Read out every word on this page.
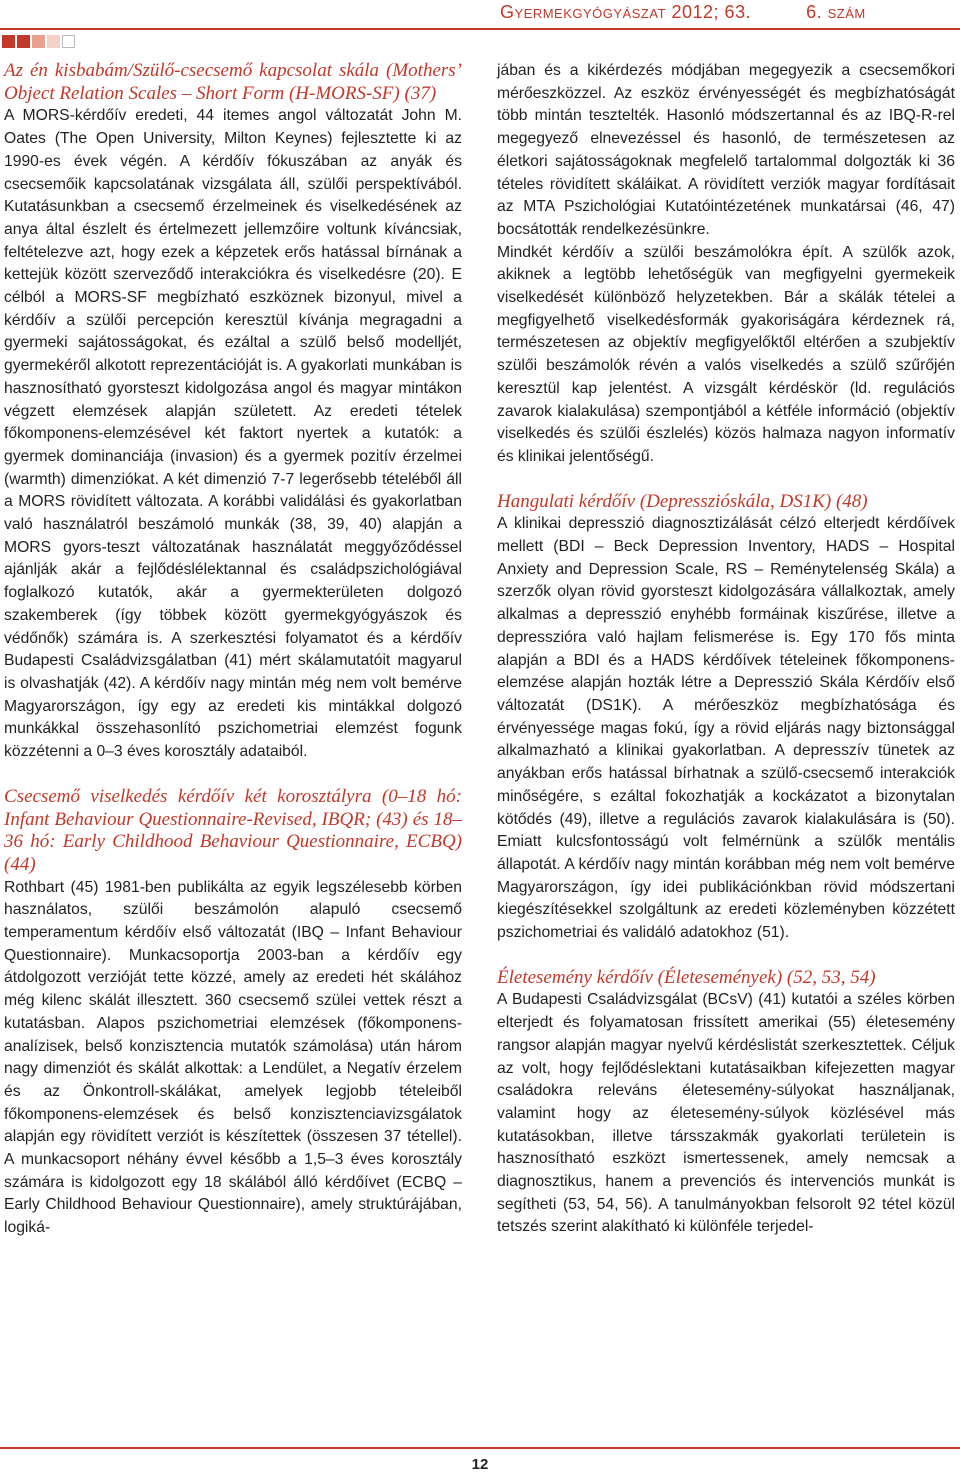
Gyermekgyógyászat 2012; 63.	6. szám

Az én kisbabám/Szülő-csecsemő kapcsolat skála (Mothers’ Object Relation Scales – Short Form (H-MORS-SF) (37)

A MORS-kérdőív eredeti, 44 itemes angol változatát John M. Oates (The Open University, Milton Keynes) fejlesztette ki az 1990-es évek végén. A kérdőív fókuszában az anyák és csecsemőik kapcsolatának vizsgálata áll, szülői perspektívából. Kutatásunkban a csecsemő érzelmeinek és viselkedésének az anya által észlelt és értelmezett jellemzőire voltunk kíváncsiak, feltételezve azt, hogy ezek a képzetek erős hatással bírnának a kettejük között szerveződő interakciókra és viselkedésre (20). E célból a MORS-SF megbízható eszköznek bizonyul, mivel a kérdőív a szülői percepción keresztül kívánja megragadni a gyermeki sajátosságokat, és ezáltal a szülő belső modelljét, gyermekéről alkotott reprezentációját is. A gyakorlati munkában is hasznosítható gyorsteszt kidolgozása angol és magyar mintákon végzett elemzések alapján született. Az eredeti tételek főkomponens-elemzésével két faktort nyertek a kutatók: a gyermek dominanciája (invasion) és a gyermek pozitív érzelmei (warmth) dimenziókat. A két dimenzió 7-7 legerősebb tételéből áll a MORS rövidített változata. A korábbi validálási és gyakorlatban való használatról beszámoló munkák (38, 39, 40) alapján a MORS gyors-teszt változatának használatát meggyőződéssel ajánlják akár a fejlődéslélektannal és családpszichológiával foglalkozó kutatók, akár a gyermekterületen dolgozó szakemberek (így többek között gyermekgyógyászok és védőnők) számára is. A szerkesztési folyamatot és a kérdőív Budapesti Családvizsgálatban (41) mért skálamutatóit magyarul is olvashatják (42). A kérdőív nagy mintán még nem volt bemérve Magyarországon, így egy az eredeti kis mintákkal dolgozó munkákkal összehasonlító pszichometriai elemzést fogunk közzétenni a 0–3 éves korosztály adataiból.

Csecsemő viselkedés kérdőív két korosztályra (0–18 hó: Infant Behaviour Questionnaire-Revised, IBQR; (43) és 18–36 hó: Early Childhood Behaviour Questionnaire, ECBQ) (44)

Rothbart (45) 1981-ben publikálta az egyik legszélesebb körben használatos, szülői beszámolón alapuló csecsemő temperamentum kérdőív első változatát (IBQ – Infant Behaviour Questionnaire). Munkacsoportja 2003-ban a kérdőív egy átdolgozott verzióját tette közzé, amely az eredeti hét skálához még kilenc skálát illesztett. 360 csecsemő szülei vettek részt a kutatásban. Alapos pszichometriai elemzések (főkomponens-analízisek, belső konzisztencia mutatók számolása) után három nagy dimenziót és skálát alkottak: a Lendület, a Negatív érzelem és az Önkontroll-skálákat, amelyek legjobb tételeiből főkomponens-elemzések és belső konzisztenciavizsgálatok alapján egy rövidített verziót is készítettek (összesen 37 tétellel). A munkacsoport néhány évvel később a 1,5–3 éves korosztály számára is kidolgozott egy 18 skálából álló kérdőívet (ECBQ – Early Childhood Behaviour Questionnaire), amely struktúrájában, logiká-

jában és a kikérdezés módjában megegyezik a csecsemőkori mérőeszközzel. Az eszköz érvényességét és megbízhatóságát több mintán tesztelték. Hasonló módszertannal és az IBQ-R-rel megegyező elnevezéssel és hasonló, de természetesen az életkori sajátosságoknak megfelelő tartalommal dolgozták ki 36 tételes rövidített skáláikat. A rövidített verziók magyar fordításait az MTA Pszichológiai Kutatóintézetének munkatársai (46, 47) bocsátották rendelkezésünkre.

Mindkét kérdőív a szülői beszámolókra épít. A szülők azok, akiknek a legtöbb lehetőségük van megfigyelni gyermekeik viselkedését különböző helyzetekben. Bár a skálák tételei a megfigyelhető viselkedésformák gyakoriságára kérdeznek rá, természetesen az objektív megfigyelőktől eltérően a szubjektív szülői beszámolók révén a valós viselkedés a szülő szűrőjén keresztül kap jelentést. A vizsgált kérdéskör (ld. regulációs zavarok kialakulása) szempontjából a kétféle információ (objektív viselkedés és szülői észlelés) közös halmaza nagyon informatív és klinikai jelentőségű.

Hangulati kérdőív (Depresszióskála, DS1K) (48)

A klinikai depresszió diagnosztizálását célzó elterjedt kérdőívek mellett (BDI – Beck Depression Inventory, HADS – Hospital Anxiety and Depression Scale, RS – Reménytelenség Skála) a szerzők olyan rövid gyorsteszt kidolgozására vállalkoztak, amely alkalmas a depresszió enyhébb formáinak kiszűrése, illetve a depresszióra való hajlam felismerése is. Egy 170 fős minta alapján a BDI és a HADS kérdőívek tételeinek főkomponens-elemzése alapján hozták létre a Depresszió Skála Kérdőív első változatát (DS1K). A mérőeszköz megbízhatósága és érvényessége magas fokú, így a rövid eljárás nagy biztonsággal alkalmazható a klinikai gyakorlatban. A depresszív tünetek az anyákban erős hatással bírhatnak a szülő-csecsemő interakciók minőségére, s ezáltal fokozhatják a kockázatot a bizonytalan kötődés (49), illetve a regulációs zavarok kialakulására is (50). Emiatt kulcsfontosságú volt felmérnünk a szülők mentális állapotát. A kérdőív nagy mintán korábban még nem volt bemérve Magyarországon, így idei publikációnkban rövid módszertani kiegészítésekkel szolgáltunk az eredeti közleményben közzétett pszichometriai és validáló adatokhoz (51).

Életesemény kérdőív (Életesemények) (52, 53, 54)

A Budapesti Családvizsgálat (BCsV) (41) kutatói a széles körben elterjedt és folyamatosan frissített amerikai (55) életesemény rangsor alapján magyar nyelvű kérdéslistát szerkesztettek. Céljuk az volt, hogy fejlődéslektani kutatásaikban kifejezetten magyar családokra releváns életesemény-súlyokat használjanak, valamint hogy az életesemény-súlyok közlésével más kutatásokban, illetve társszakmák gyakorlati területein is hasznosítható eszközt ismertessenek, amely nemcsak a diagnosztikus, hanem a prevenciós és intervenciós munkát is segítheti (53, 54, 56). A tanulmányokban felsorolt 92 tétel közül tetszés szerint alakítható ki különféle terjedel-

12
